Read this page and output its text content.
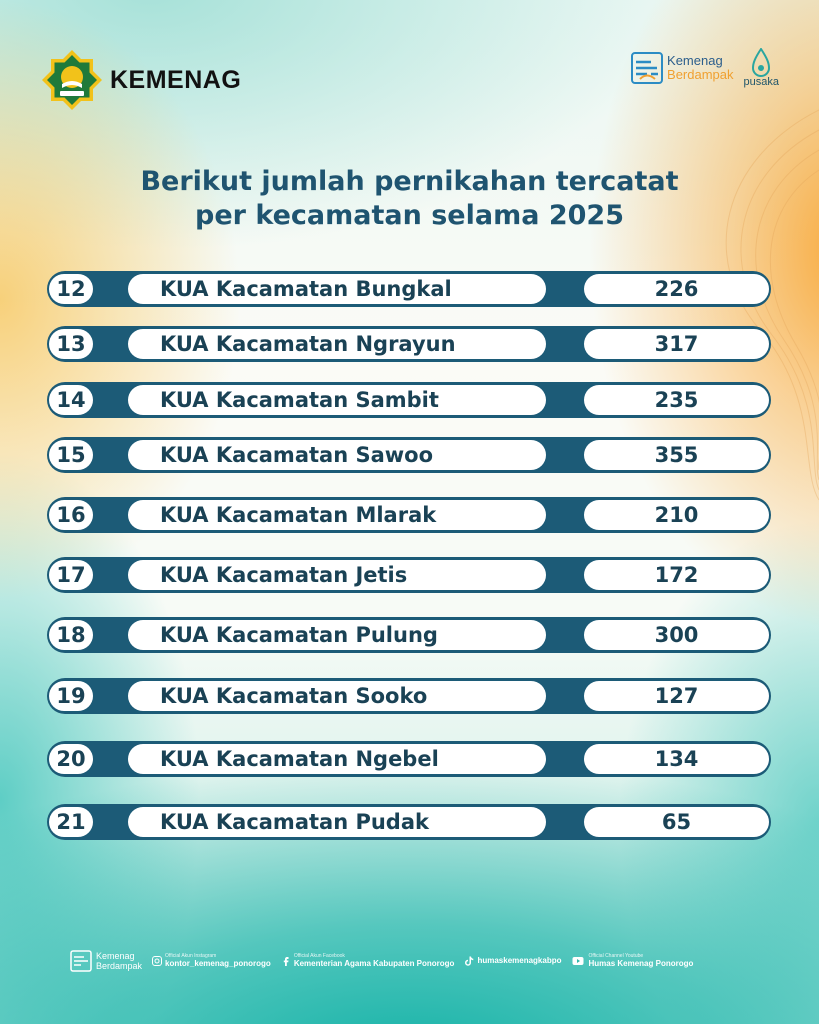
KEMENAG
Kemenag
Berdampak pusaka
Berikut jumlah pernikahan tercatat
per kecamatan selama 2025
12	KUA Kacamatan Bungkal	226
13	KUA Kacamatan Ngrayun	317
14	KUA Kacamatan Sambit	235
15	KUA Kacamatan Sawoo	355
16	KUA Kacamatan Mlarak	210
17	KUA Kacamatan Jetis	172
18	KUA Kacamatan Pulung	300
19	KUA Kacamatan Sooko	127
20	KUA Kacamatan Ngebel	134
21	KUA Kacamatan Pudak	65
Kemenag
Berdampak
Official Akun Instagram
kontor_kemenag_ponorogo
Official Akun Facebook
Kementerian Agama Kabupaten Ponorogo	humaskemenagkabpo	Official Channel Youtube
Humas Kemenag Ponorogo
